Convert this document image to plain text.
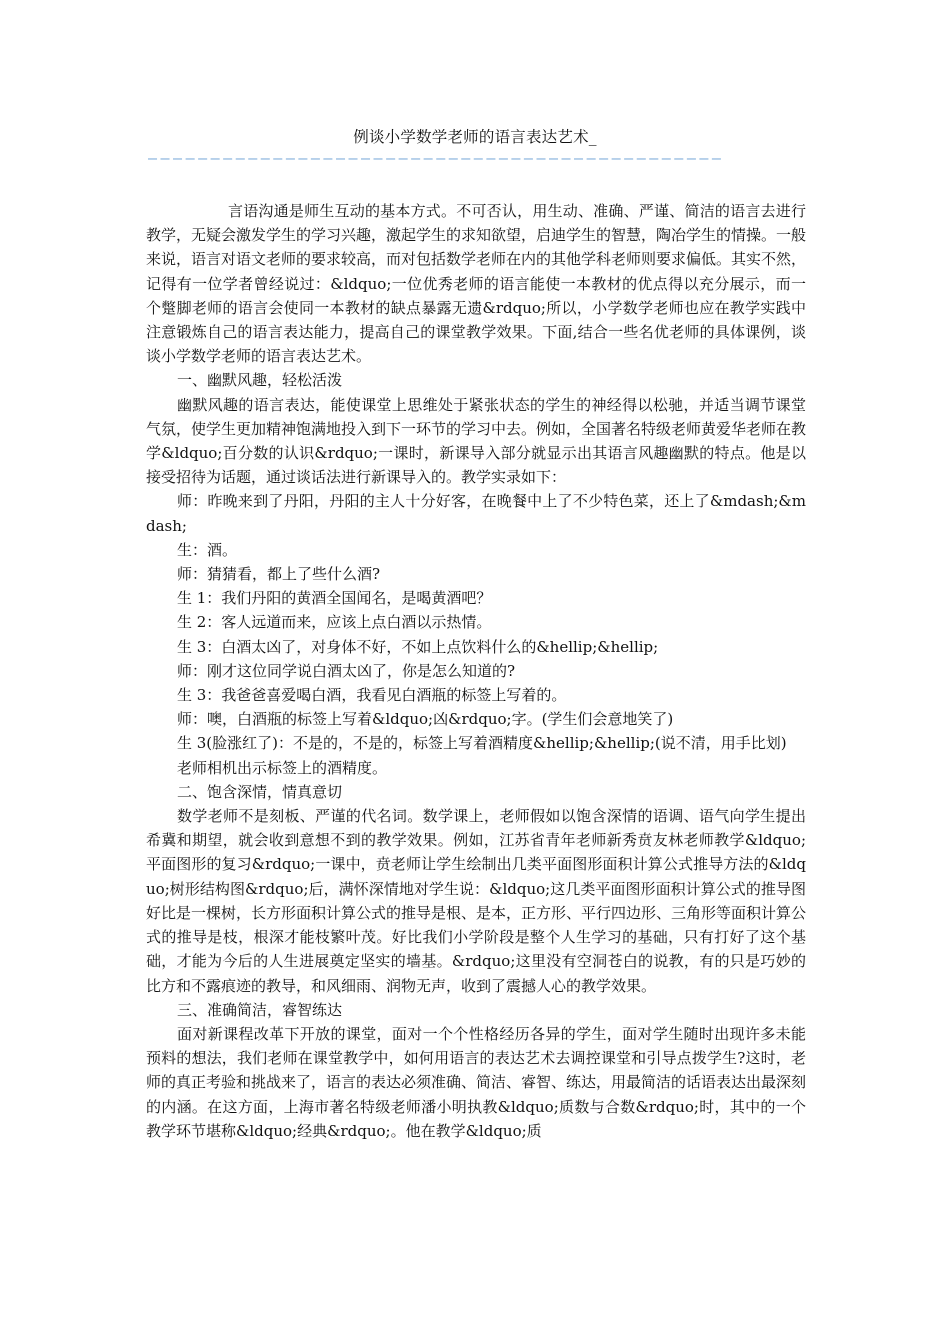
例谈小学数学老师的语言表达艺术_
——————————————————————————————————————————————

言语沟通是师生互动的基本方式。不可否认，用生动、准确、严谨、简洁的语言去进行教学，无疑会激发学生的学习兴趣，激起学生的求知欲望，启迪学生的智慧，陶冶学生的情操。一般来说，语言对语文老师的要求较高，而对包括数学老师在内的其他学科老师则要求偏低。其实不然，记得有一位学者曾经说过：&ldquo;一位优秀老师的语言能使一本教材的优点得以充分展示，而一个蹩脚老师的语言会使同一本教材的缺点暴露无遗&rdquo;所以，小学数学老师也应在教学实践中注意锻炼自己的语言表达能力，提高自己的课堂教学效果。下面,结合一些名优老师的具体课例，谈谈小学数学老师的语言表达艺术。

一、幽默风趣，轻松活泼

幽默风趣的语言表达，能使课堂上思维处于紧张状态的学生的神经得以松驰，并适当调节课堂气氛，使学生更加精神饱满地投入到下一环节的学习中去。例如，全国著名特级老师黄爱华老师在教学&ldquo;百分数的认识&rdquo;一课时，新课导入部分就显示出其语言风趣幽默的特点。他是以接受招待为话题，通过谈话法进行新课导入的。教学实录如下：

师：昨晚来到了丹阳，丹阳的主人十分好客，在晚餐中上了不少特色菜，还上了&mdash;&mdash;

生：酒。

师：猜猜看，都上了些什么酒?

生 1：我们丹阳的黄酒全国闻名，是喝黄酒吧？

生 2：客人远道而来，应该上点白酒以示热情。

生 3：白酒太凶了，对身体不好，不如上点饮料什么的&hellip;&hellip;

师：刚才这位同学说白酒太凶了，你是怎么知道的?

生 3：我爸爸喜爱喝白酒，我看见白酒瓶的标签上写着的。

师：噢，白酒瓶的标签上写着&ldquo;凶&rdquo;字。(学生们会意地笑了)

生 3(脸涨红了)：不是的，不是的，标签上写着酒精度&hellip;&hellip;(说不清，用手比划)

老师相机出示标签上的酒精度。

二、饱含深情，情真意切

数学老师不是刻板、严谨的代名词。数学课上，老师假如以饱含深情的语调、语气向学生提出希冀和期望，就会收到意想不到的教学效果。例如，江苏省青年老师新秀贲友林老师教学&ldquo;平面图形的复习&rdquo;一课中，贲老师让学生绘制出几类平面图形面积计算公式推导方法的&ldquo;树形结构图&rdquo;后，满怀深情地对学生说：&ldquo;这几类平面图形面积计算公式的推导图好比是一棵树，长方形面积计算公式的推导是根、是本，正方形、平行四边形、三角形等面积计算公式的推导是枝，根深才能枝繁叶茂。好比我们小学阶段是整个人生学习的基础，只有打好了这个基础，才能为今后的人生进展奠定坚实的墙基。&rdquo;这里没有空洞苍白的说教，有的只是巧妙的比方和不露痕迹的教导，和风细雨、润物无声，收到了震撼人心的教学效果。

三、准确简洁，睿智练达

面对新课程改革下开放的课堂，面对一个个性格经历各异的学生，面对学生随时出现许多未能预料的想法，我们老师在课堂教学中，如何用语言的表达艺术去调控课堂和引导点拨学生?这时，老师的真正考验和挑战来了，语言的表达必须准确、简洁、睿智、练达，用最简洁的话语表达出最深刻的内涵。在这方面，上海市著名特级老师潘小明执教&ldquo;质数与合数&rdquo;时，其中的一个教学环节堪称&ldquo;经典&rdquo;。他在教学&ldquo;质
